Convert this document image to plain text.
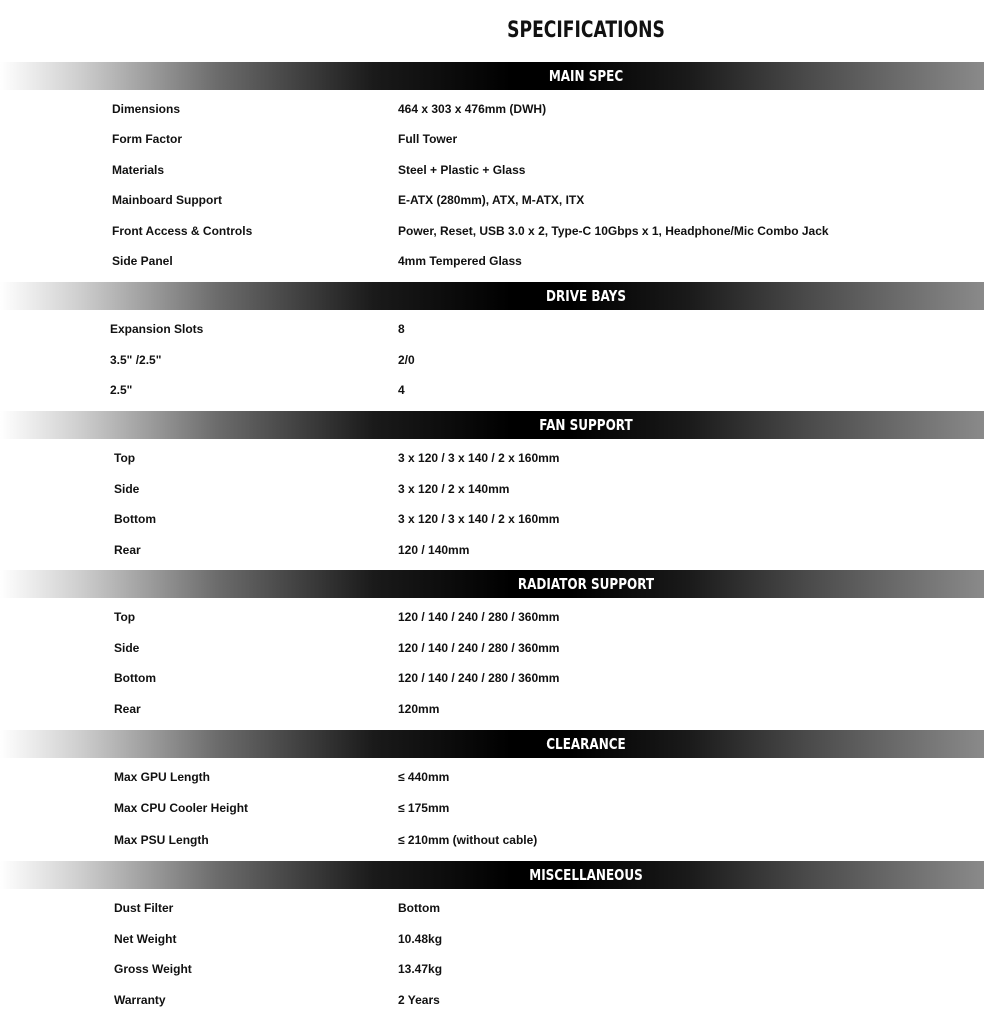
SPECIFICATIONS
MAIN SPEC
Dimensions	464 x 303 x 476mm (DWH)
Form Factor	Full Tower
Materials	Steel + Plastic + Glass
Mainboard Support	E-ATX (280mm), ATX, M-ATX, ITX
Front Access & Controls	Power, Reset, USB 3.0 x 2, Type-C 10Gbps x 1, Headphone/Mic Combo Jack
Side Panel	4mm Tempered Glass
DRIVE BAYS
Expansion Slots	8
3.5" /2.5"	2/0
2.5"	4
FAN SUPPORT
Top	3 x 120 / 3 x 140 / 2 x 160mm
Side	3 x 120 / 2 x 140mm
Bottom	3 x 120 / 3 x 140 / 2 x 160mm
Rear	120 / 140mm
RADIATOR SUPPORT
Top	120 / 140 / 240 / 280 / 360mm
Side	120 / 140 / 240 / 280 / 360mm
Bottom	120 / 140 / 240 / 280 / 360mm
Rear	120mm
CLEARANCE
Max GPU Length	≤ 440mm
Max CPU Cooler Height	≤ 175mm
Max PSU Length	≤ 210mm (without cable)
MISCELLANEOUS
Dust Filter	Bottom
Net Weight	10.48kg
Gross Weight	13.47kg
Warranty	2 Years
